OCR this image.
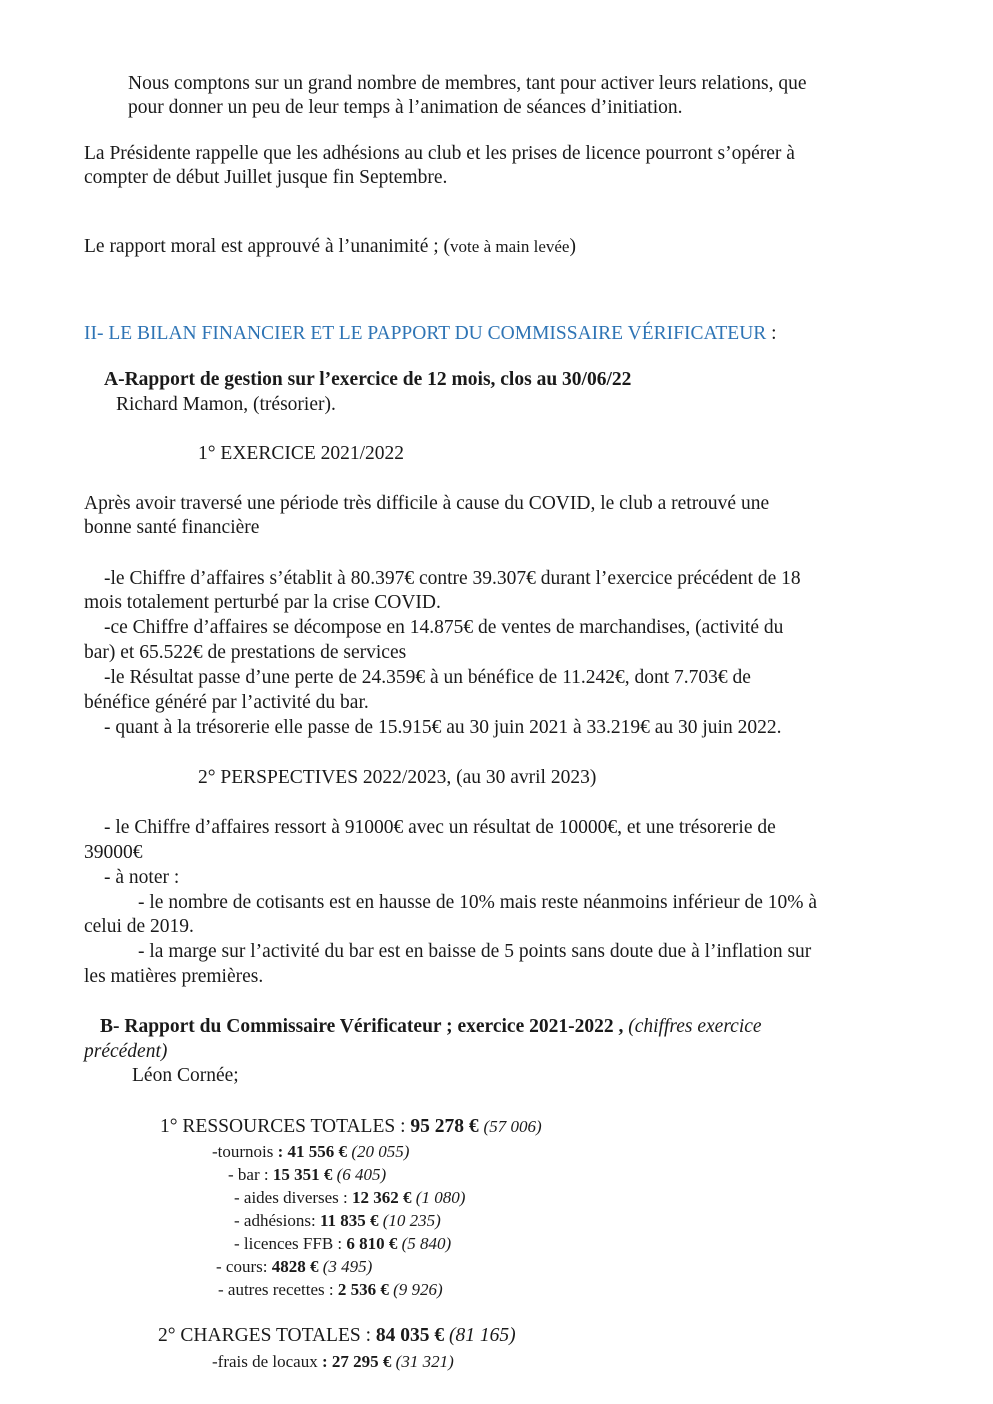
Nous comptons sur un grand nombre de membres, tant pour activer leurs relations, que
pour donner un peu de leur temps à l’animation de séances d’initiation.
La Présidente rappelle que les adhésions au club et les prises de licence pourront s’opérer à
compter de début Juillet jusque fin Septembre.
Le rapport moral est approuvé à l’unanimité ; (vote à main levée)
II- LE BILAN FINANCIER ET LE PAPPORT DU COMMISSAIRE VÉRIFICATEUR :
A-Rapport de gestion sur l’exercice de 12 mois, clos au 30/06/22
Richard Mamon, (trésorier).
1° EXERCICE 2021/2022
Après avoir traversé une période très difficile à cause du COVID, le club a retrouvé une
bonne santé financière
-le Chiffre d’affaires s’établit à 80.397€ contre 39.307€ durant l’exercice précédent de 18
mois totalement perturbé par la crise COVID.
-ce Chiffre d’affaires se décompose en 14.875€ de ventes de marchandises, (activité du
bar) et 65.522€ de prestations de services
-le Résultat passe d’une perte de 24.359€ à un bénéfice de 11.242€, dont 7.703€ de
bénéfice généré par l’activité du bar.
- quant à la trésorerie elle passe de 15.915€ au 30 juin 2021 à 33.219€ au 30 juin 2022.
2° PERSPECTIVES 2022/2023, (au 30 avril 2023)
- le Chiffre d’affaires ressort à 91000€ avec un résultat de 10000€, et une trésorerie de
39000€
- à noter :
- le nombre de cotisants est en hausse de 10% mais reste néanmoins inférieur de 10% à
celui de 2019.
- la marge sur l’activité du bar est en baisse de 5 points sans doute due à l’inflation sur
les matières premières.
B- Rapport du Commissaire Vérificateur ; exercice 2021-2022 , (chiffres exercice
précédent)
Léon Cornée;
1° RESSOURCES TOTALES : 95 278 € (57 006)
-tournois : 41 556 € (20 055)
- bar : 15 351 € (6 405)
- aides diverses : 12 362 € (1 080)
- adhésions: 11 835 € (10 235)
- licences FFB : 6 810 € (5 840)
- cours: 4828 € (3 495)
- autres recettes : 2 536 € (9 926)
2° CHARGES TOTALES : 84 035 € (81 165)
-frais de locaux : 27 295 € (31 321)
